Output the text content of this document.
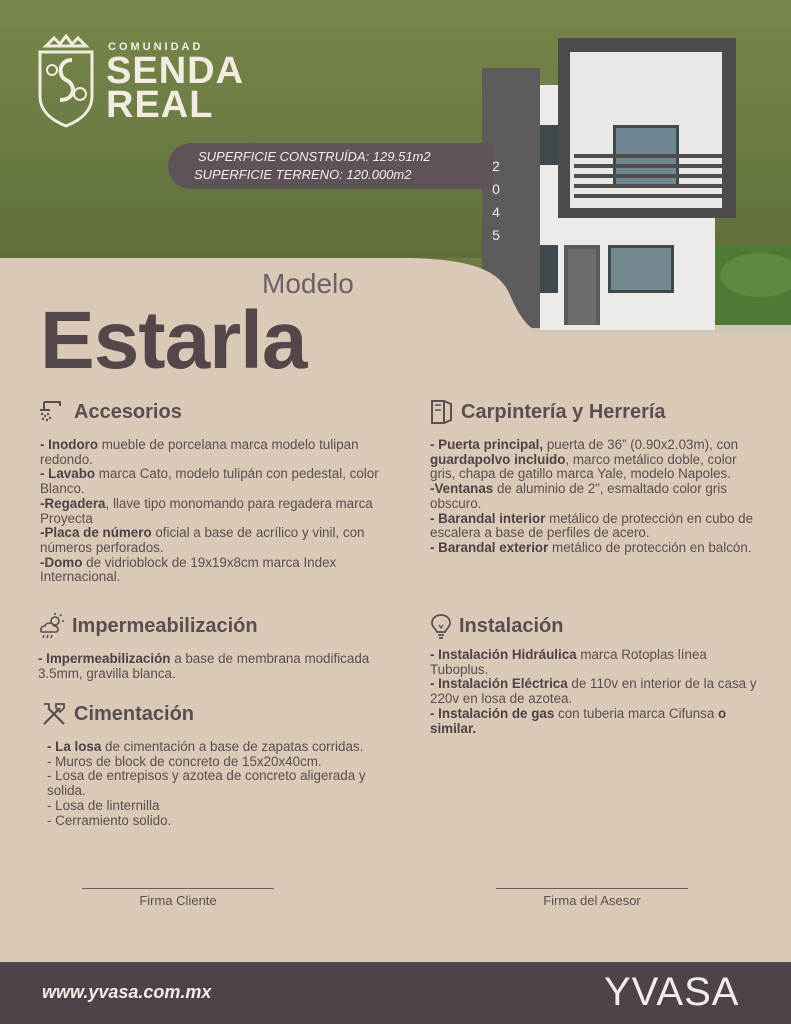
COMUNIDAD
SENDA
REAL
SUPERFICIE CONSTRUÍDA: 129.51m2
SUPERFICIE TERRENO: 120.000m2
2
0
4
5
Modelo
Estarla
Accesorios

- Inodoro mueble de porcelana marca modelo tulipan redondo.

- Lavabo marca Cato, modelo tulipán con pedestal, color Blanco.

-Regadera, llave tipo monomando para regadera marca Proyecta

-Placa de número oficial a base de acrílico y vinil, con números perforados.

-Domo de vidrioblock de 19x19x8cm marca Index Internacional.

Carpintería y Herrería

- Puerta principal, puerta de 36” (0.90x2.03m), con guardapolvo incluido, marco metálico doble, color gris, chapa de gatillo marca Yale, modelo Napoles.

-Ventanas de aluminio de 2”, esmaltado color gris obscuro.

- Barandal interior metálico de protección en cubo de escalera a base de perfiles de acero.

- Barandal exterior metálico de protección en balcón.

Impermeabilización

- Impermeabilización a base de membrana modificada 3.5mm, gravilla blanca.

Instalación

- Instalación Hidráulica marca Rotoplas línea Tuboplus.

- Instalación Eléctrica de 110v en interior de la casa y 220v en losa de azotea.

- Instalación de gas con tuberia marca Cifunsa o similar.

Cimentación

- La losa de cimentación a base de zapatas corridas.

- Muros de block de concreto de 15x20x40cm.

- Losa de entrepisos y azotea de concreto aligerada y solida.

- Losa de linternilla

- Cerramiento solido.

Firma Cliente	Firma del Asesor
www.yvasa.com.mx	YVASA
